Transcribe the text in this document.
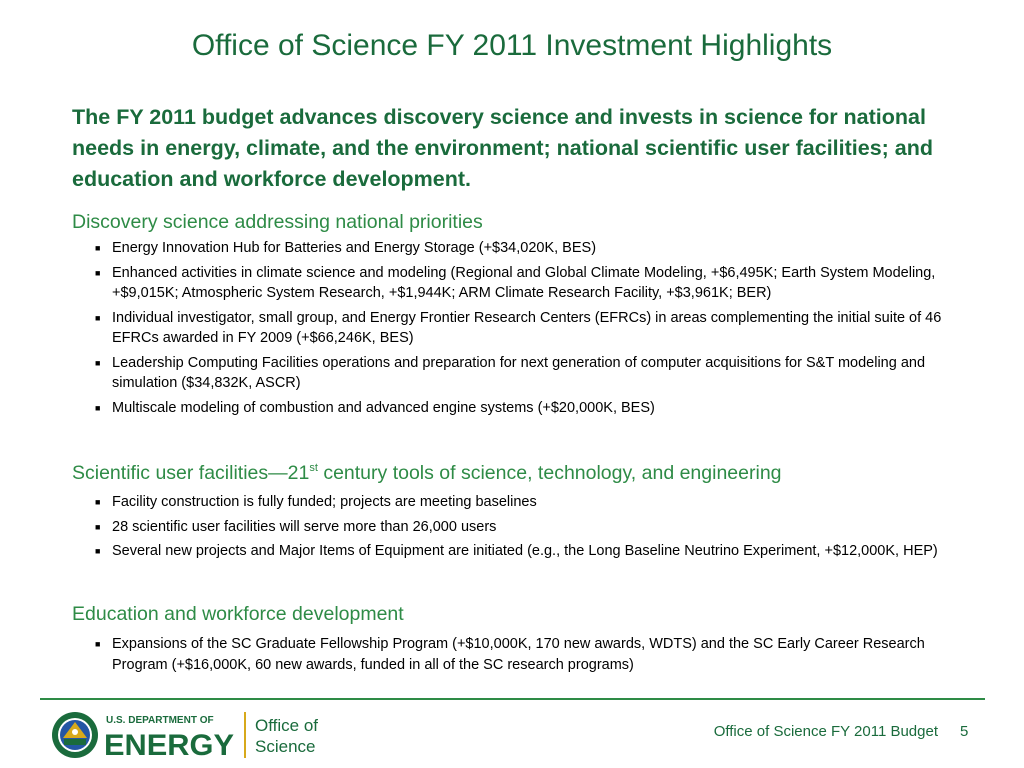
Office of Science FY 2011 Investment Highlights
The FY 2011 budget advances discovery science and invests in science for national needs in energy, climate, and the environment; national scientific user facilities; and education and workforce development.
Discovery science addressing national priorities
■ Energy Innovation Hub for Batteries and Energy Storage (+$34,020K, BES)
■ Enhanced activities in climate science and modeling (Regional and Global Climate Modeling, +$6,495K; Earth System Modeling, +$9,015K; Atmospheric System Research, +$1,944K; ARM Climate Research Facility, +$3,961K; BER)
■ Individual investigator, small group, and Energy Frontier Research Centers (EFRCs) in areas complementing the initial suite of 46 EFRCs awarded in FY 2009 (+$66,246K, BES)
■ Leadership Computing Facilities operations and preparation for next generation of computer acquisitions for S&T modeling and simulation ($34,832K, ASCR)
■ Multiscale modeling of combustion and advanced engine systems (+$20,000K, BES)
Scientific user facilities—21st century tools of science, technology, and engineering
■ Facility construction is fully funded; projects are meeting baselines
■ 28 scientific user facilities will serve more than 26,000 users
■ Several new projects and Major Items of Equipment are initiated (e.g., the Long Baseline Neutrino Experiment, +$12,000K, HEP)
Education and workforce development
■ Expansions of the SC Graduate Fellowship Program (+$10,000K, 170 new awards, WDTS) and the SC Early Career Research Program (+$16,000K, 60 new awards, funded in all of the SC research programs)
U.S. DEPARTMENT OF
ENERGY
Office of
Science
Office of Science FY 2011 Budget 5
